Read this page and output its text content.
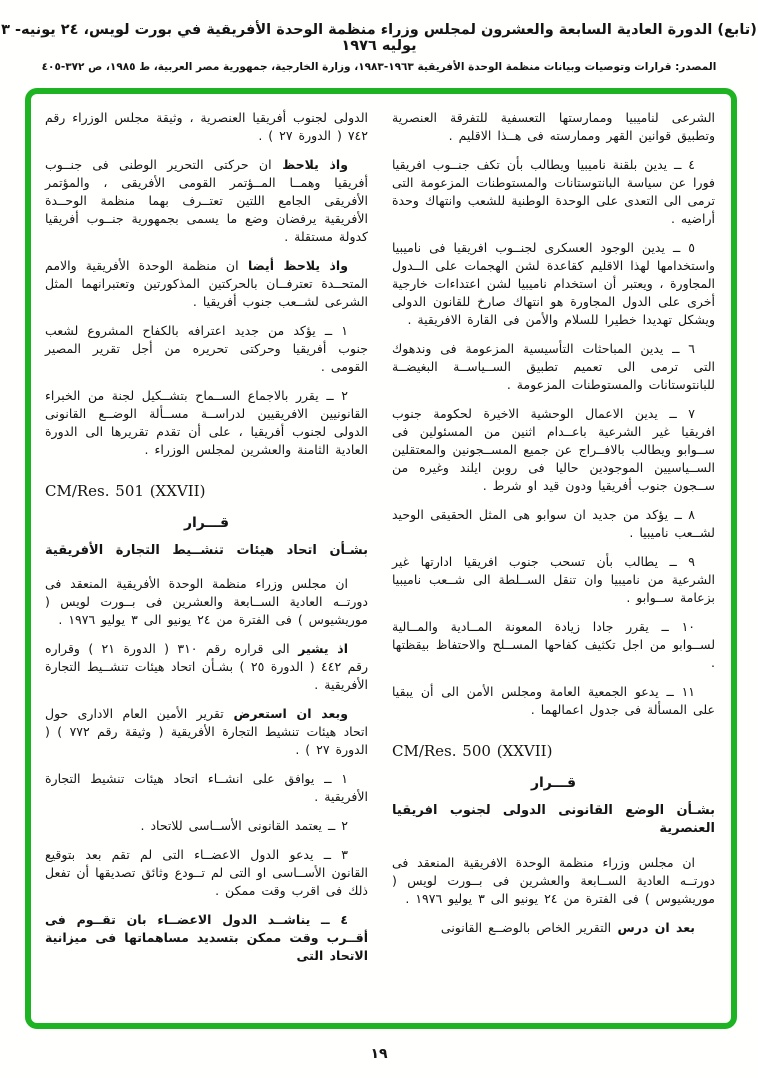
(تابع) الدورة العادية السابعة والعشرون لمجلس وزراء منظمة الوحدة الأفريقية في بورت لويس، ٢٤ يونيه- ٣ يوليه ١٩٧٦
المصدر: قرارات وتوصيات وبيانات منظمة الوحدة الأفريقية ١٩٦٣-١٩٨٣، وزارة الخارجية، جمهورية مصر العربية، ط ١٩٨٥، ص ٣٧٢-٤٠٥

الشرعى لناميبيا وممارستها التعسفية للتفرقة العنصرية وتطبيق قوانين القهر وممارسته فى هــذا الاقليم .

٤ ــ يدين بلقنة ناميبيا ويطالب بأن تكف جنــوب افريقيا فورا عن سياسة البانتوستانات والمستوطنات المزعومة التى ترمى الى التعدى على الوحدة الوطنية للشعب وانتهاك وحدة أراضيه .

٥ ــ يدين الوجود العسكرى لجنــوب افريقيا فى ناميبيا واستخدامها لهذا الاقليم كقاعدة لشن الهجمات على الــدول المجاورة ، ويعتبر أن استخدام ناميبيا لشن اعتداءات خارجية أخرى على الدول المجاورة هو انتهاك صارخ للقانون الدولى ويشكل تهديدا خطيرا للسلام والأمن فى القارة الافريقية .

٦ ــ يدين المباحثات التأسيسية المزعومة فى وندهوك التى ترمى الى تعميم تطبيق الســياســة البغيضــة للبانتوستانات والمستوطنات المزعومة .

٧ ــ يدين الاعمال الوحشية الاخيرة لحكومة جنوب افريقيا غير الشرعية باعــدام اثنين من المسئولين فى ســوابو ويطالب بالافــراج عن جميع المســجونين والمعتقلين الســياسيين الموجودين حاليا فى روبن ايلند وغيره من ســجون جنوب أفريقيا ودون قيد او شرط .

٨ ــ يؤكد من جديد ان سوابو هى المثل الحقيقى الوحيد لشــعب ناميبيا .

٩ ــ يطالب بأن تسحب جنوب افريقيا ادارتها غير الشرعية من ناميبيا وان تنقل الســلطة الى شــعب ناميبيا بزعامة ســوابو .

١٠ ــ يقرر جادا زيادة المعونة المــادية والمــالية لســوابو من اجل تكثيف كفاحها المســلح والاحتفاظ بيقظتها .

١١ ــ يدعو الجمعية العامة ومجلس الأمن الى أن يبقيا على المسألة فى جدول اعمالهما .

CM/Res. 500 (XXVII)

قـــرار

بشـأن الوضع القانونى الدولى لجنوب افريقيا العنصرية

ان مجلس وزراء منظمة الوحدة الافريقية المنعقد فى دورتــه العادية الســابعة والعشرين فى بــورت لويس ( موريشيوس ) فى الفترة من ٢٤ يونيو الى ٣ يوليو ١٩٧٦ .

بعد ان درسالتقرير الخاص بالوضــع القانونى

الدولى لجنوب أفريقيا العنصرية ، وثيقة مجلس الوزراء رقم ٧٤٢ ( الدورة ٢٧ ) .

واذ يلاحظان حركتى التحرير الوطنى فى جنــوب أفريقيا وهمــا المــؤتمر القومى الأفريقى ، والمؤتمر الأفريقى الجامع اللتين تعتــرف بهما منظمة الوحــدة الأفريقية يرفضان وضع ما يسمى بجمهورية جنــوب أفريقيا كدولة مستقلة .

واذ يلاحظ أيضاان منظمة الوحدة الأفريقية والامم المتحــدة تعترفــان بالحركتين المذكورتين وتعتبرانهما المثل الشرعى لشــعب جنوب أفريقيا .

١ ــ يؤكد من جديد اعترافه بالكفاح المشروع لشعب جنوب أفريقيا وحركتى تحريره من أجل تقرير المصير القومى .

٢ ــ يقرر بالاجماع الســماح بتشــكيل لجنة من الخبراء القانونيين الافريقيين لدراســة مســألة الوضــع القانونى الدولى لجنوب أفريقيا ، على أن تقدم تقريرها الى الدورة العادية الثامنة والعشرين لمجلس الوزراء .

CM/Res. 501 (XXVII)

قـــرار

بشـأن اتحاد هيئات تنشــيط التجارة الأفريقية

ان مجلس وزراء منظمة الوحدة الأفريقية المنعقد فى دورتــه العادية الســابعة والعشرين فى بــورت لويس ( موريشيوس ) فى الفترة من ٢٤ يونيو الى ٣ يوليو ١٩٧٦ .

اذ يشيرالى قراره رقم ٣١٠ ( الدورة ٢١ ) وقراره رقم ٤٤٢ ( الدورة ٢٥ ) بشـأن اتحاد هيئات تنشــيط التجارة الأفريقية .

وبعد ان استعرضتقرير الأمين العام الادارى حول اتحاد هيئات تنشيط التجارة الأفريقية ( وثيقة رقم ٧٧٢ ) ( الدورة ٢٧ ) .

١ ــ يوافق على انشــاء اتحاد هيئات تنشيط التجارة الأفريقية .

٢ ــ يعتمد القانونى الأســاسى للاتحاد .

٣ ــ يدعو الدول الاعضــاء التى لم تقم بعد بتوقيع القانون الأســاسى او التى لم تــودع وثائق تصديقها أن تفعل ذلك فى اقرب وقت ممكن .

٤ ــ يناشــد الدول الاعضــاء بان تقــوم فى أقــرب وقت ممكن بتسديد مساهماتها فى ميزانية الاتحاد التى

١٩
